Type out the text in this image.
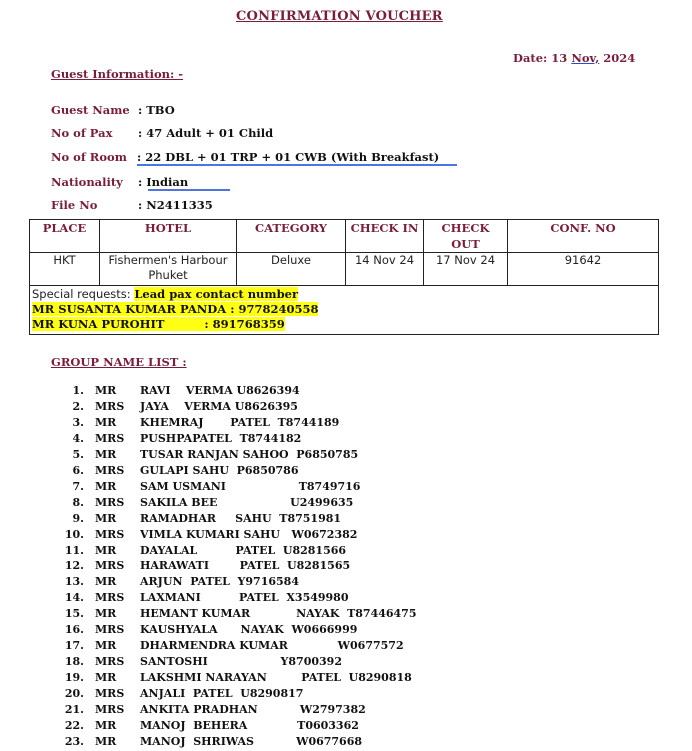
CONFIRMATION VOUCHER
Date: 13 Nov, 2024
Guest Information: -
Guest Name : TBO
No of Pax : 47 Adult + 01 Child
No of Room : 22 DBL + 01 TRP + 01 CWB (With Breakfast)
Nationality : Indian
File No	: N2411335
PLACE	HOTEL	CATEGORY	CHECK IN	CHECK OUT	CONF. NO
HKT	Fishermen's Harbour Phuket	Deluxe	14 Nov 24	17 Nov 24	91642

Special requests: Lead pax contact number
MR SUSANTA KUMAR PANDA : 9778240558
MR KUNA PUROHIT          : 891768359					
GROUP NAME LIST :
1. MR RAVI    VERMA U8626394
2. MRS JAYA    VERMA U8626395
3. MR KHEMRAJ       PATEL  T8744189
4. MRS PUSHPAPATEL  T8744182
5. MR TUSAR RANJAN SAHOO  P6850785
6. MRS GULAPI SAHU  P6850786
7. MR SAM USMANI                   T8749716
8. MRS SAKILA BEE                   U2499635
9. MR RAMADHAR     SAHU  T8751981
10. MRS VIMLA KUMARI SAHU   W0672382
11. MR DAYALAL          PATEL  U8281566
12. MRS HARAWATI        PATEL  U8281565
13. MR ARJUN  PATEL  Y9716584
14. MRS LAXMANI          PATEL  X3549980
15. MR HEMANT KUMAR            NAYAK  T87446475
16. MRS KAUSHYALA      NAYAK  W0666999
17. MR DHARMENDRA KUMAR             W0677572
18. MRS SANTOSHI                   Y8700392
19. MR LAKSHMI NARAYAN         PATEL  U8290818
20. MRS ANJALI  PATEL  U8290817
21. MRS ANKITA PRADHAN           W2797382
22. MR MANOJ  BEHERA             T0603362
23. MR MANOJ  SHRIWAS           W0677668
